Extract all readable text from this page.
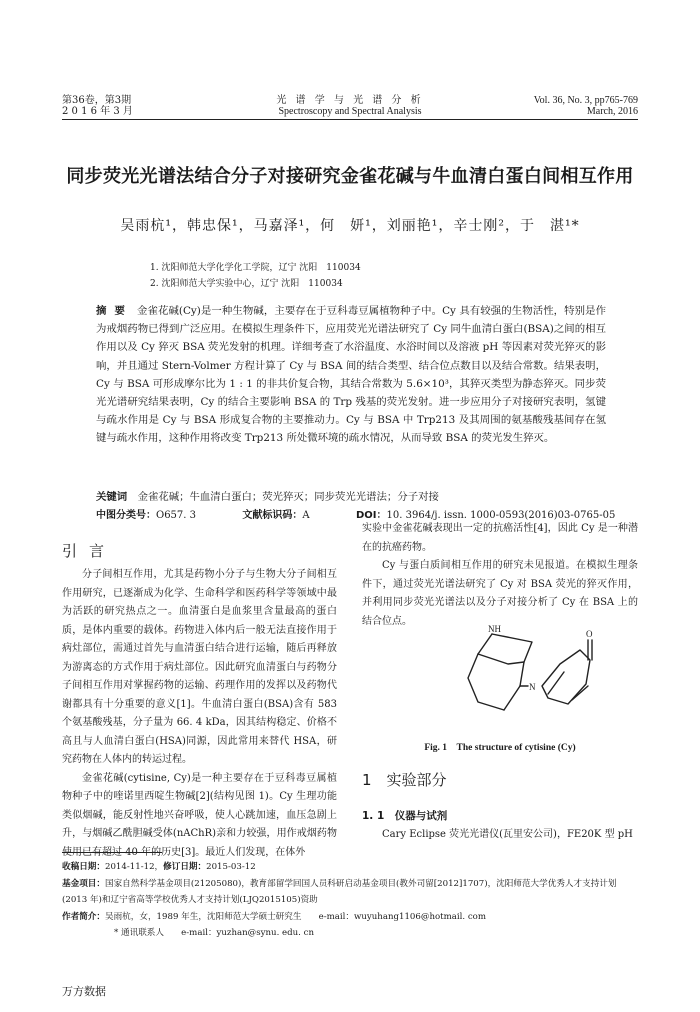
第36卷，第3期
2 0 1 6 年 3 月
光 谱 学 与 光 谱 分 析
Spectroscopy and Spectral Analysis
Vol. 36, No. 3, pp765-769
March, 2016
同步荧光光谱法结合分子对接研究金雀花碱与牛血清白蛋白间相互作用
吴雨杭¹，韩忠保¹，马嘉泽¹，何　妍¹，刘丽艳¹，辛士刚²，于　湛¹*
1. 沈阳师范大学化学化工学院，辽宁 沈阳　110034
2. 沈阳师范大学实验中心，辽宁 沈阳　110034
摘要 金雀花碱(Cy)是一种生物碱，主要存在于豆科毒豆属植物种子中。Cy 具有较强的生物活性，特别是作为戒烟药物已得到广泛应用。在模拟生理条件下，应用荧光光谱法研究了 Cy 同牛血清白蛋白(BSA)之间的相互作用以及 Cy 猝灭 BSA 荧光发射的机理。详细考查了水浴温度、水浴时间以及溶液 pH 等因素对荧光猝灭的影响，并且通过 Stern-Volmer 方程计算了 Cy 与 BSA 间的结合类型、结合位点数目以及结合常数。结果表明，Cy 与 BSA 可形成摩尔比为 1 : 1 的非共价复合物，其结合常数为 5.6×10³，其猝灭类型为静态猝灭。同步荧光光谱研究结果表明，Cy 的结合主要影响 BSA 的 Trp 残基的荧光发射。进一步应用分子对接研究表明，氢键与疏水作用是 Cy 与 BSA 形成复合物的主要推动力。Cy 与 BSA 中 Trp213 及其周围的氨基酸残基间存在氢键与疏水作用，这种作用将改变 Trp213 所处微环境的疏水情况，从而导致 BSA 的荧光发生猝灭。
关键词　 金雀花碱；牛血清白蛋白；荧光猝灭；同步荧光光谱法；分子对接
中图分类号：O657. 3	文献标识码：A	DOI：10. 3964/j. issn. 1000-0593(2016)03-0765-05
引言

分子间相互作用，尤其是药物小分子与生物大分子间相互作用研究，已逐渐成为化学、生命科学和医药科学等领域中最为活跃的研究热点之一。血清蛋白是血浆里含量最高的蛋白质，是体内重要的载体。药物进入体内后一般无法直接作用于病灶部位，需通过首先与血清蛋白结合进行运输，随后再释放为游离态的方式作用于病灶部位。因此研究血清蛋白与药物分子间相互作用对掌握药物的运输、药理作用的发挥以及药物代谢都具有十分重要的意义[1]。牛血清白蛋白(BSA)含有 583 个氨基酸残基，分子量为 66. 4 kDa，因其结构稳定、价格不高且与人血清白蛋白(HSA)同源，因此常用来替代 HSA，研究药物在人体内的转运过程。

金雀花碱(cytisine, Cy)是一种主要存在于豆科毒豆属植物种子中的喹诺里西啶生物碱[2](结构见图 1)。Cy 生理功能类似烟碱，能反射性地兴奋呼吸，使人心跳加速，血压急剧上升，与烟碱乙酰胆碱受体(nAChR)亲和力较强，用作戒烟药物使用已有超过 40 年的历史[3]。最近人们发现，在体外

实验中金雀花碱表现出一定的抗癌活性[4]，因此 Cy 是一种潜在的抗癌药物。

Cy 与蛋白质间相互作用的研究未见报道。在模拟生理条件下，通过荧光光谱法研究了 Cy 对 BSA 荧光的猝灭作用，并利用同步荧光光谱法以及分子对接分析了 Cy 在 BSA 上的结合位点。

NH
N
O
Fig. 1　The structure of cytisine (Cy)
1　实验部分
1. 1　仪器与试剂

Cary Eclipse 荧光光谱仪(瓦里安公司)，FE20K 型 pH

收稿日期：2014-11-12，修订日期：2015-03-12
基金项目：国家自然科学基金项目(21205080)，教育部留学回国人员科研启动基金项目(教外司留[2012]1707)，沈阳师范大学优秀人才支持计划(2013 年)和辽宁省高等学校优秀人才支持计划(LJQ2015105)资助
作者简介：吴雨杭，女，1989 年生，沈阳师范大学硕士研究生　　e-mail：wuyuhang1106@hotmail. com
* 通讯联系人　　e-mail：yuzhan@synu. edu. cn
万方数据
